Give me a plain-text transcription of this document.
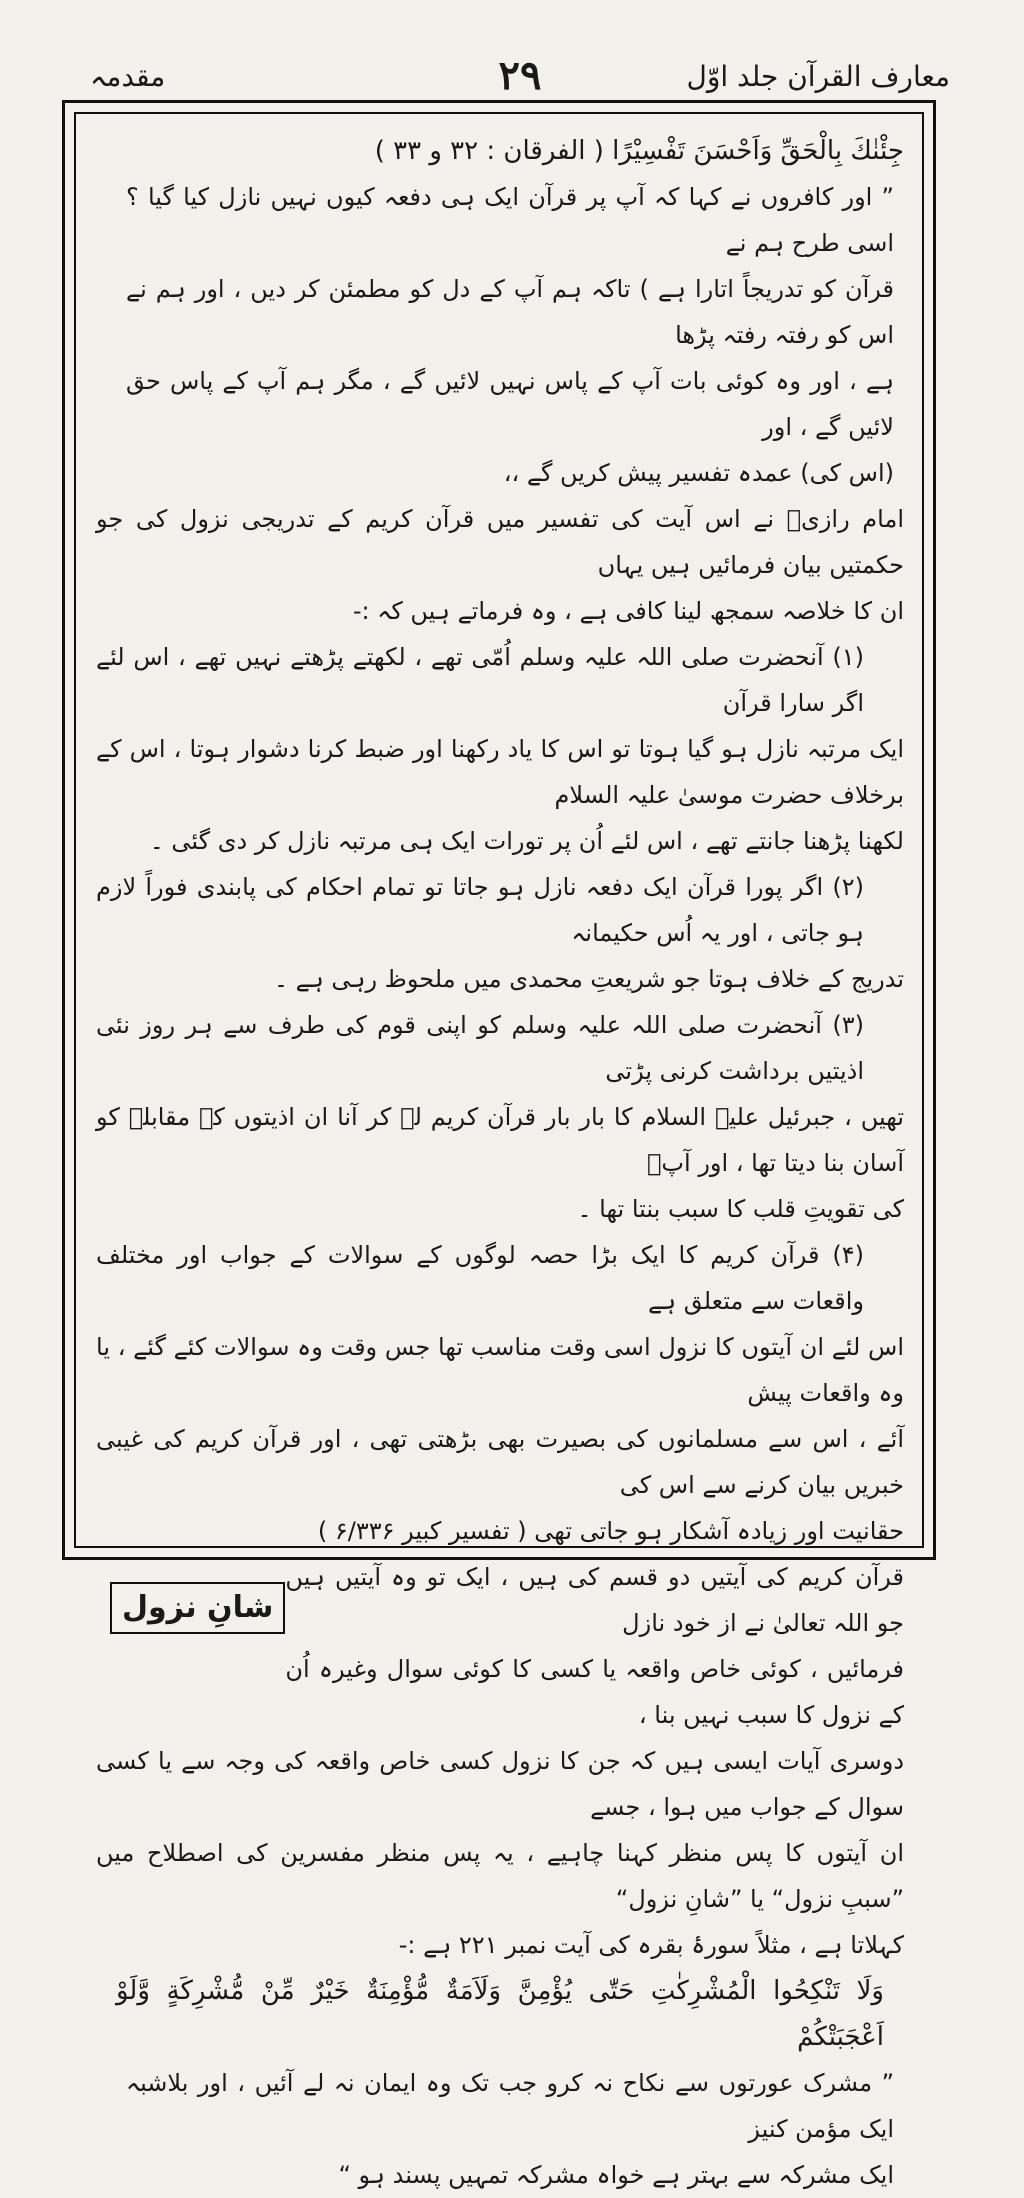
معارف القرآن جلد اوّل
۲۹
مقدمہ

جِئْنٰكَ بِالْحَقِّ وَاَحْسَنَ تَفْسِيْرًا ( الفرقان : ۳۲ و ۳۳ )

” اور کافروں نے کہا کہ آپ پر قرآن ایک ہی دفعہ کیوں نہیں نازل کیا گیا ؟ اسی طرح ہم نے

قرآن کو تدریجاً اتارا ہے ) تاکہ ہم آپ کے دل کو مطمئن کر دیں ، اور ہم نے اس کو رفتہ رفتہ پڑھا

ہے ، اور وہ کوئی بات آپ کے پاس نہیں لائیں گے ، مگر ہم آپ کے پاس حق لائیں گے ، اور

(اس کی) عمدہ تفسیر پیش کریں گے ،،

امام رازیؒ نے اس آیت کی تفسیر میں قرآن کریم کے تدریجی نزول کی جو حکمتیں بیان فرمائیں ہیں یہاں

ان کا خلاصہ سمجھ لینا کافی ہے ، وہ فرماتے ہیں کہ :-

(۱) آنحضرت صلی اللہ علیہ وسلم اُمّی تھے ، لکھتے پڑھتے نہیں تھے ، اس لئے اگر سارا قرآن

ایک مرتبہ نازل ہو گیا ہوتا تو اس کا یاد رکھنا اور ضبط کرنا دشوار ہوتا ، اس کے برخلاف حضرت موسیٰ علیہ السلام

لکھنا پڑھنا جانتے تھے ، اس لئے اُن پر تورات ایک ہی مرتبہ نازل کر دی گئی ۔

(۲) اگر پورا قرآن ایک دفعہ نازل ہو جاتا تو تمام احکام کی پابندی فوراً لازم ہو جاتی ، اور یہ اُس حکیمانہ

تدریج کے خلاف ہوتا جو شریعتِ محمدی میں ملحوظ رہی ہے ۔

(۳) آنحضرت صلی اللہ علیہ وسلم کو اپنی قوم کی طرف سے ہر روز نئی اذیتیں برداشت کرنی پڑتی

تھیں ، جبرئیل علیہ السلام کا بار بار قرآن کریم لے کر آنا ان اذیتوں کے مقابلے کو آسان بنا دیتا تھا ، اور آپؐ

کی تقویتِ قلب کا سبب بنتا تھا ۔

(۴) قرآن کریم کا ایک بڑا حصہ لوگوں کے سوالات کے جواب اور مختلف واقعات سے متعلق ہے

اس لئے ان آیتوں کا نزول اسی وقت مناسب تھا جس وقت وہ سوالات کئے گئے ، یا وہ واقعات پیش

آئے ، اس سے مسلمانوں کی بصیرت بھی بڑھتی تھی ، اور قرآن کریم کی غیبی خبریں بیان کرنے سے اس کی

حقانیت اور زیادہ آشکار ہو جاتی تھی ( تفسیر کبیر ۶/۳۳۶ )

قرآن کریم کی آیتیں دو قسم کی ہیں ، ایک تو وہ آیتیں ہیں جو اللہ تعالیٰ نے از خود نازل

فرمائیں ، کوئی خاص واقعہ یا کسی کا کوئی سوال وغیرہ اُن کے نزول کا سبب نہیں بنا ،

شانِ نزول

دوسری آیات ایسی ہیں کہ جن کا نزول کسی خاص واقعہ کی وجہ سے یا کسی سوال کے جواب میں ہوا ، جسے

ان آیتوں کا پس منظر کہنا چاہیے ، یہ پس منظر مفسرین کی اصطلاح میں ”سببِ نزول“ یا ”شانِ نزول“

کہلاتا ہے ، مثلاً سورۂ بقرہ کی آیت نمبر ۲۲۱ ہے :-

وَلَا تَنْكِحُوا الْمُشْرِكٰتِ حَتّٰى يُؤْمِنَّ وَلَاَمَةٌ مُّؤْمِنَةٌ خَيْرٌ مِّنْ مُّشْرِكَةٍ وَّلَوْ اَعْجَبَتْكُمْ

” مشرک عورتوں سے نکاح نہ کرو جب تک وہ ایمان نہ لے آئیں ، اور بلاشبہ ایک مؤمن کنیز

ایک مشرکہ سے بہتر ہے خواہ مشرکہ تمہیں پسند ہو “
